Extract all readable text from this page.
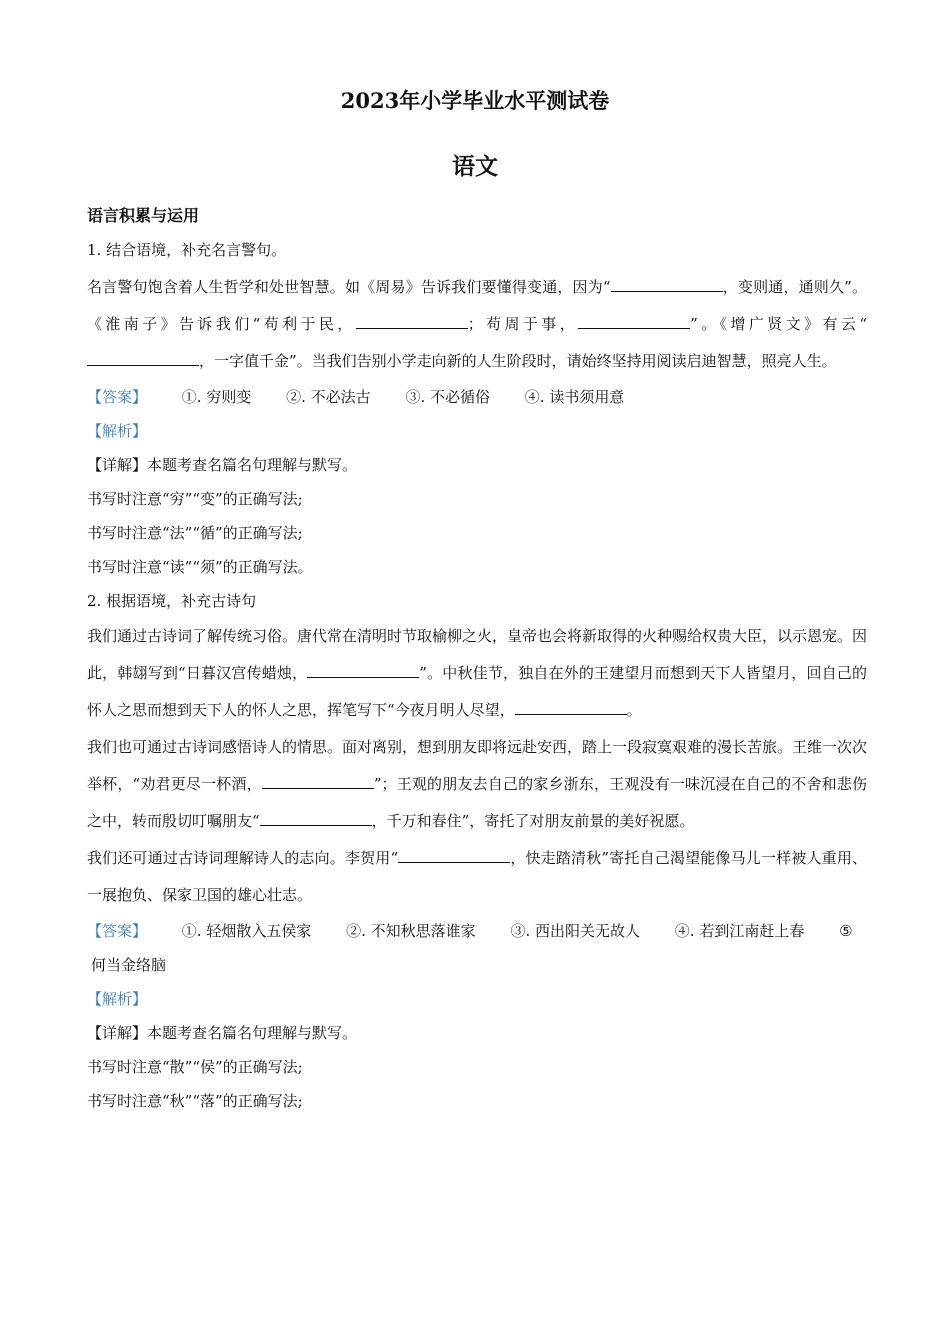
2023年小学毕业水平测试卷
语文

语言积累与运用

1. 结合语境，补充名言警句。

名言警句饱含着人生哲学和处世智慧。如《周易》告诉我们要懂得变通，因为“	，变则通，通则久”。《淮南子》告诉我们“苟利于民，	；苟周于事，	”。《增广贤文》有云“，一字值千金”。当我们告别小学走向新的人生阶段时，请始终坚持用阅读启迪智慧，照亮人生。

【答案】 ①. 穷则变 ②. 不必法古 ③. 不必循俗 ④. 读书须用意

【解析】

【详解】本题考查名篇名句理解与默写。

书写时注意“穷”“变”的正确写法;

书写时注意“法”“循”的正确写法;

书写时注意“读”“须”的正确写法。

2. 根据语境，补充古诗句

我们通过古诗词了解传统习俗。唐代常在清明时节取榆柳之火，皇帝也会将新取得的火种赐给权贵大臣，以示恩宠。因此，韩翃写到“日暮汉宫传蜡烛，	”。中秋佳节，独自在外的王建望月而想到天下人皆望月，回自己的怀人之思而想到天下人的怀人之思，挥笔写下“今夜月明人尽望，	。

我们也可通过古诗词感悟诗人的情思。面对离别，想到朋友即将远赴安西，踏上一段寂寞艰难的漫长苦旅。王维一次次举杯，“劝君更尽一杯酒，	”；王观的朋友去自己的家乡浙东，王观没有一味沉浸在自己的不舍和悲伤之中，转而殷切叮嘱朋友“	，千万和春住”，寄托了对朋友前景的美好祝愿。

我们还可通过古诗词理解诗人的志向。李贺用“	，快走踏清秋”寄托自己渴望能像马儿一样被人重用、一展抱负、保家卫国的雄心壮志。

【答案】 ①. 轻烟散入五侯家 ②. 不知秋思落谁家 ③. 西出阳关无故人 ④. 若到江南赶上春 ⑤

何当金络脑

【解析】

【详解】本题考查名篇名句理解与默写。

书写时注意“散”“侯”的正确写法;

书写时注意“秋”“落”的正确写法;
